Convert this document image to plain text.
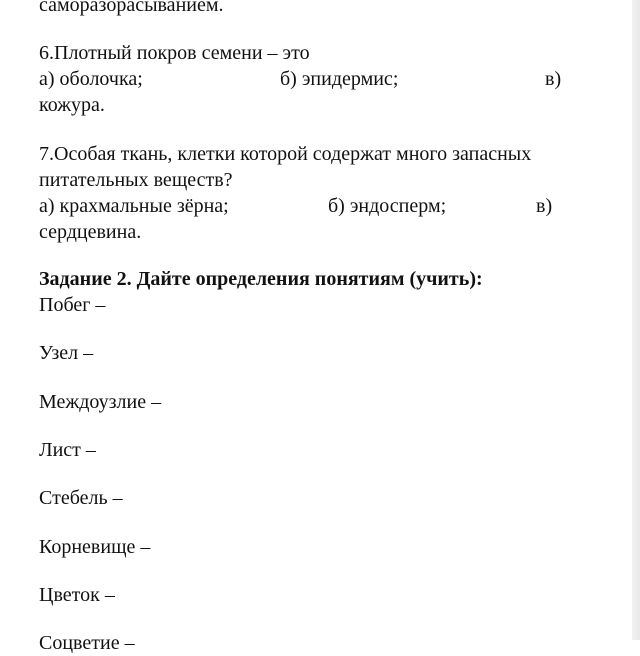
саморазорасыванием.
6.Плотный покров семени – это
а) оболочка;	б) эпидермис;	в)
кожура.
7.Особая ткань, клетки которой содержат много запасных
питательных веществ?
а) крахмальные зёрна;	б) эндосперм;	в)
сердцевина.
Задание 2. Дайте определения понятиям (учить):
Побег –
Узел –
Междоузлие –
Лист –
Стебель –
Корневище –
Цветок –
Соцветие –
